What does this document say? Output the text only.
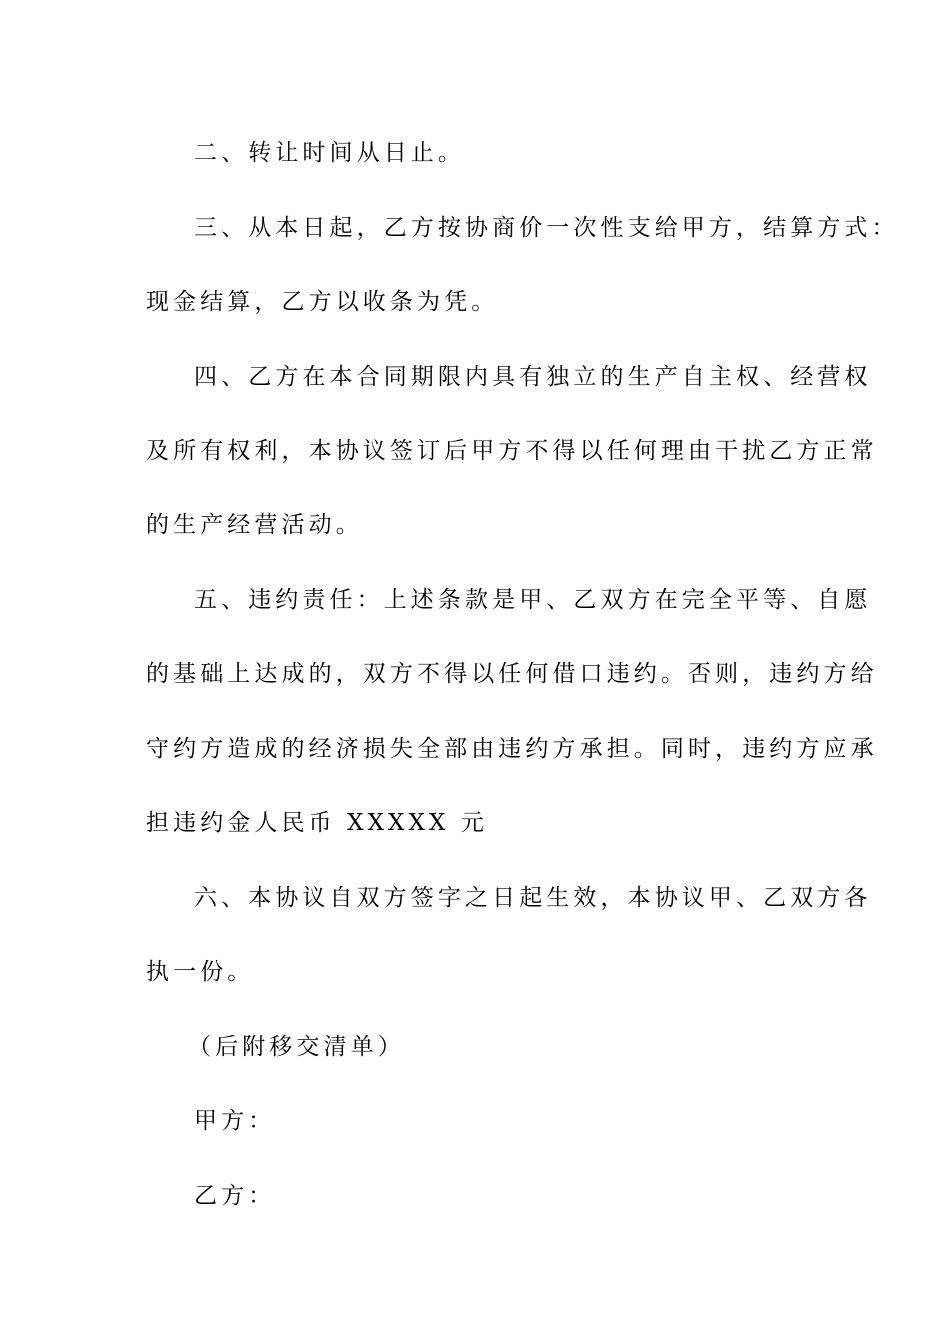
二、转让时间从日止。
三、从本日起，乙方按协商价一次性支给甲方，结算方式：
现金结算，乙方以收条为凭。
四、乙方在本合同期限内具有独立的生产自主权、经营权
及所有权利，本协议签订后甲方不得以任何理由干扰乙方正常
的生产经营活动。
五、违约责任：上述条款是甲、乙双方在完全平等、自愿
的基础上达成的，双方不得以任何借口违约。否则，违约方给
守约方造成的经济损失全部由违约方承担。同时，违约方应承
担违约金人民币 XXXXX 元
六、本协议自双方签字之日起生效，本协议甲、乙双方各
执一份。
（后附移交清单）
甲方：
乙方：
